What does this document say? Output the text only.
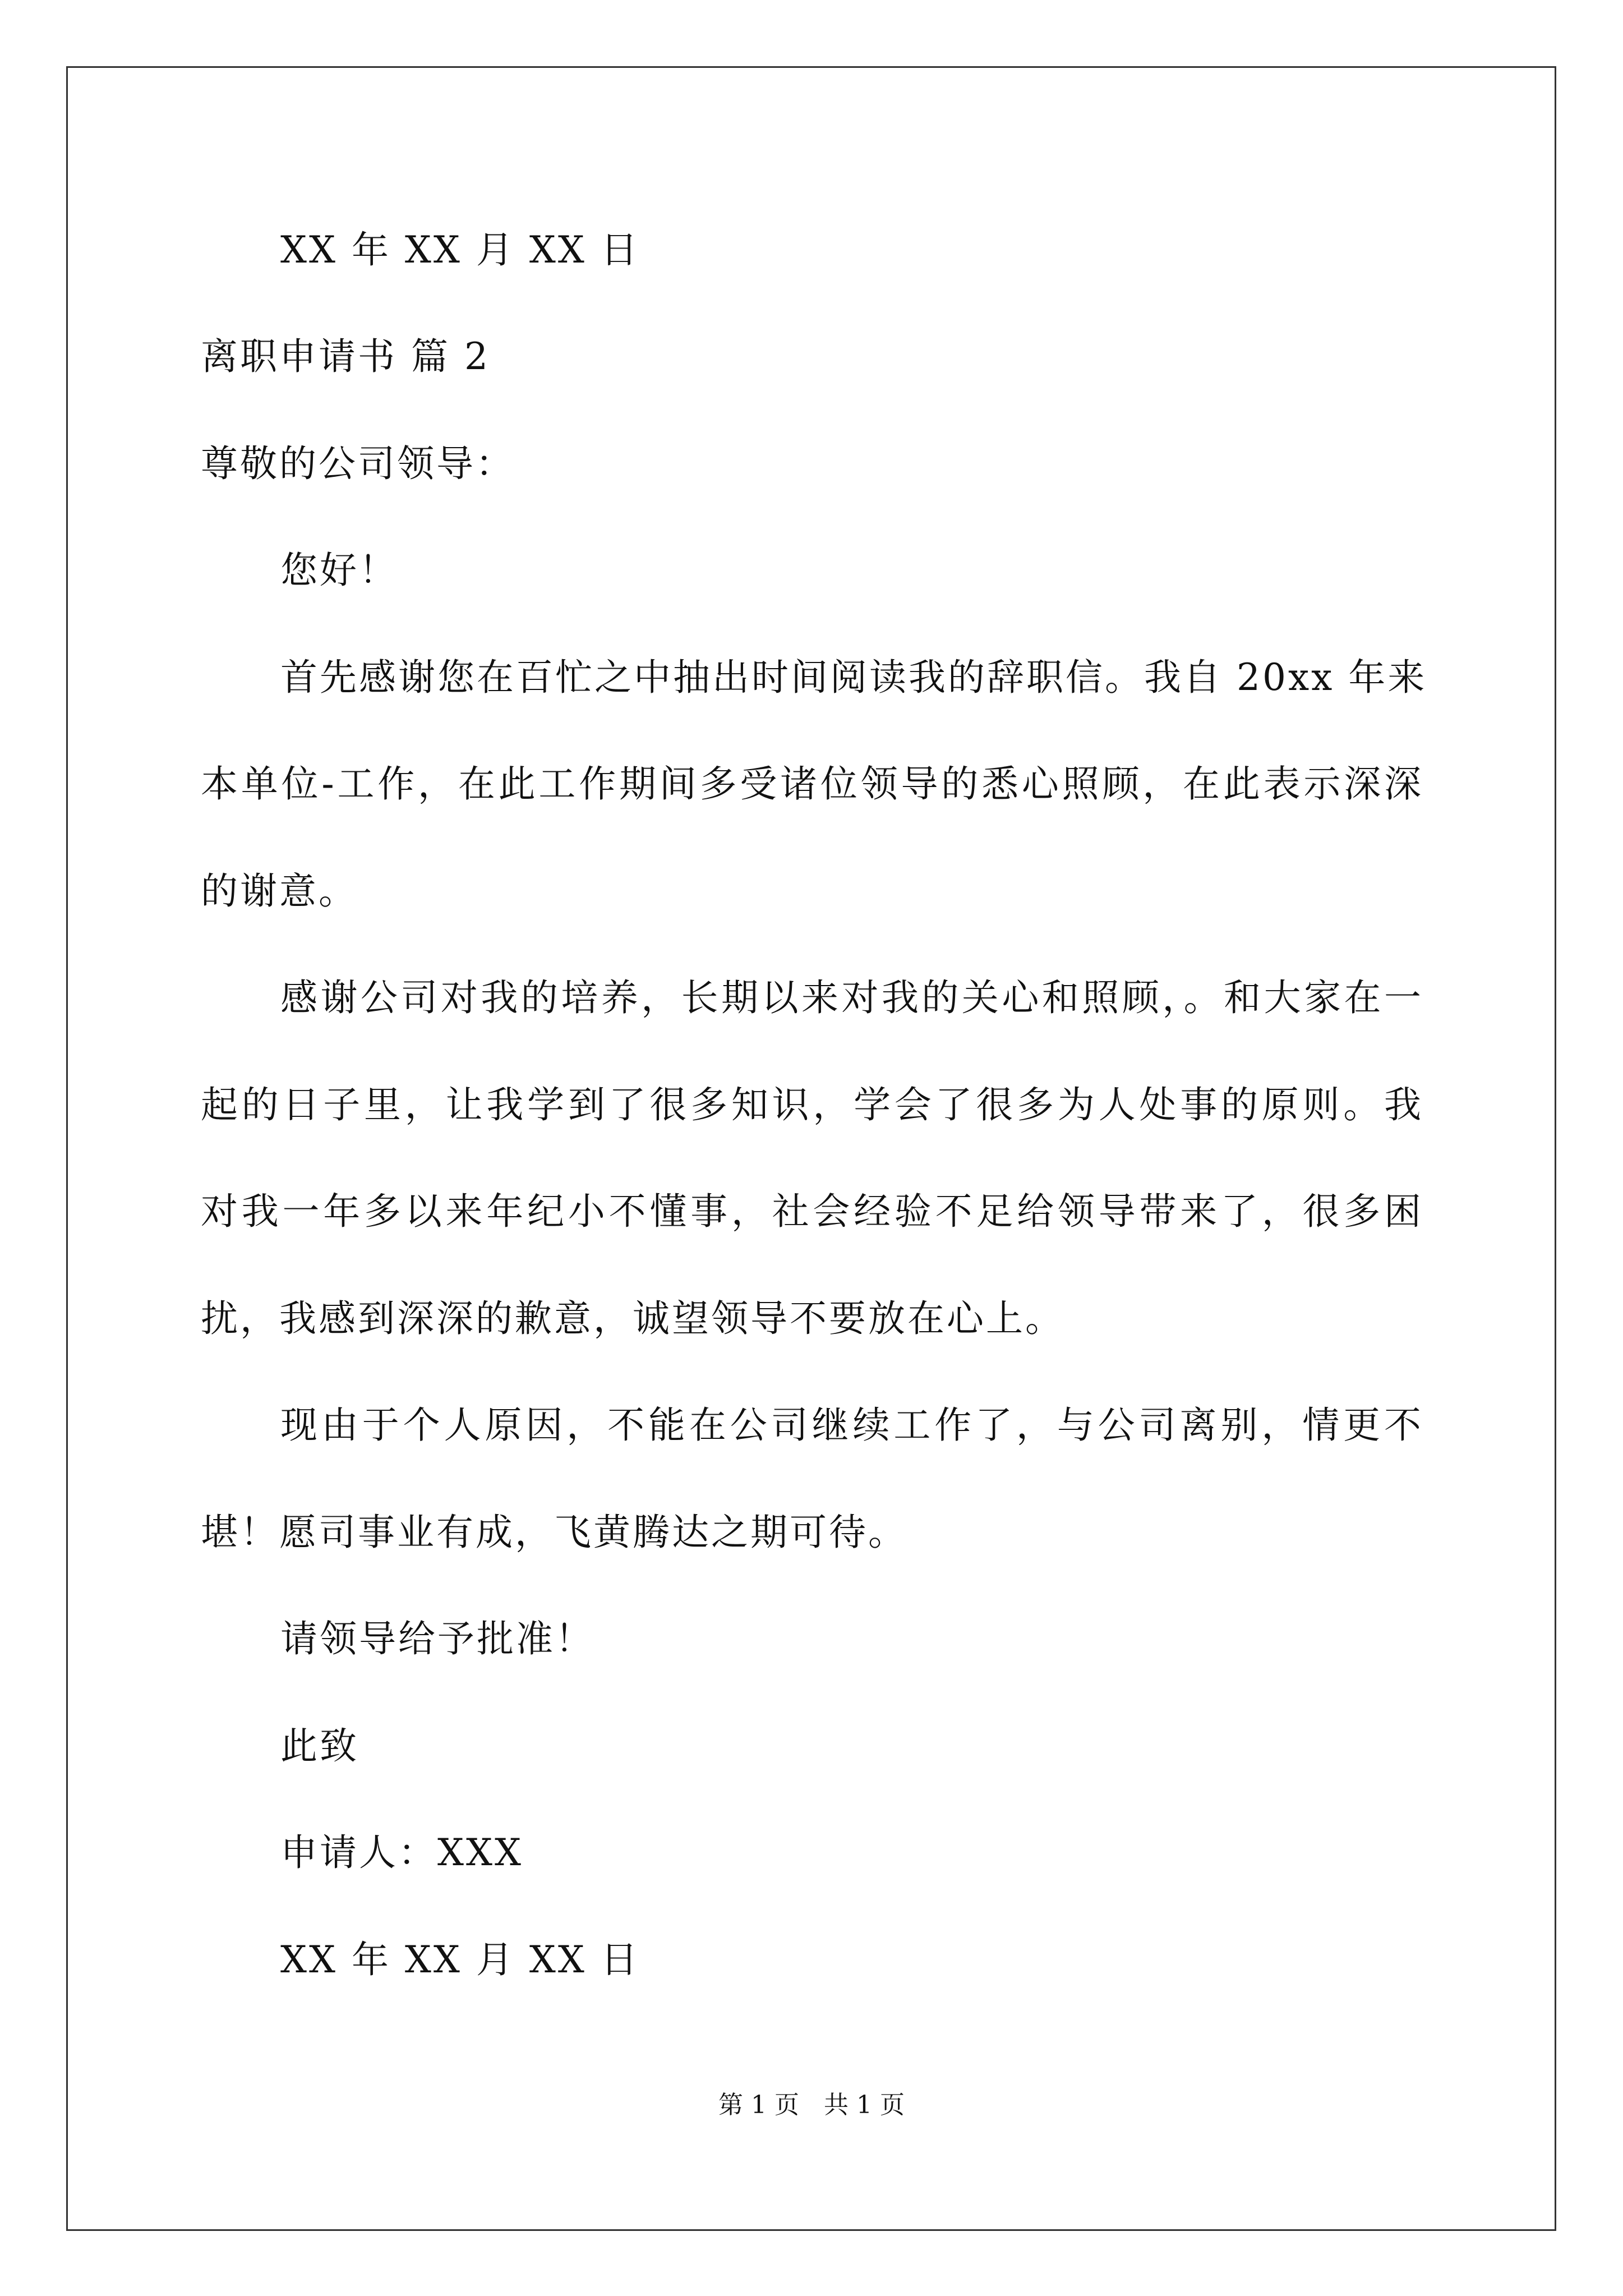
XX 年 XX 月 XX 日
离职申请书 篇 2
尊敬的公司领导：
您好！
首先感谢您在百忙之中抽出时间阅读我的辞职信。我自 20xx 年来
本单位-工作，在此工作期间多受诸位领导的悉心照顾，在此表示深深
的谢意。
感谢公司对我的培养，长期以来对我的关心和照顾，。和大家在一
起的日子里，让我学到了很多知识，学会了很多为人处事的原则。我
对我一年多以来年纪小不懂事，社会经验不足给领导带来了，很多困
扰，我感到深深的歉意，诚望领导不要放在心上。
现由于个人原因，不能在公司继续工作了，与公司离别，情更不
堪！愿司事业有成，飞黄腾达之期可待。
请领导给予批准！
此致
申请人：XXX
XX 年 XX 月 XX 日
第 1 页　共 1 页
